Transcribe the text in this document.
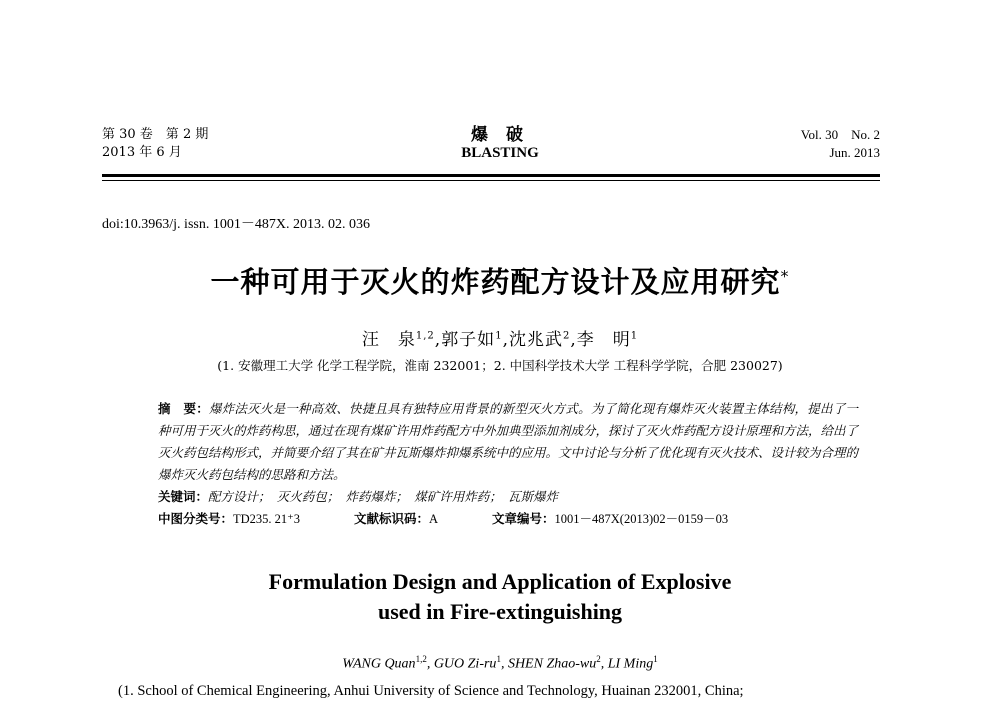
第 30 卷　第 2 期
2013 年 6 月
爆 破
BLASTING
Vol. 30　No. 2
Jun. 2013
doi:10.3963/j. issn. 1001－487X. 2013. 02. 036
一种可用于灭火的炸药配方设计及应用研究*
汪　泉$^{1,2}$,郭子如$^1$,沈兆武$^2$,李　明$^1$
(1. 安徽理工大学 化学工程学院，淮南 232001；2. 中国科学技术大学 工程科学学院，合肥 230027)
摘　要：爆炸法灭火是一种高效、快捷且具有独特应用背景的新型灭火方式。为了简化现有爆炸灭火装置主体结构，提出了一种可用于灭火的炸药构思，通过在现有煤矿许用炸药配方中外加典型添加剂成分，探讨了灭火炸药配方设计原理和方法，给出了灭火药包结构形式，并简要介绍了其在矿井瓦斯爆炸抑爆系统中的应用。文中讨论与分析了优化现有灭火技术、设计较为合理的爆炸灭火药包结构的思路和方法。
关键词：配方设计；　灭火药包；　炸药爆炸；　煤矿许用炸药；　瓦斯爆炸
中图分类号：TD235. 21⁺3	文献标识码：A	文章编号：1001－487X(2013)02－0159－03
Formulation Design and Application of Explosive
used in Fire-extinguishing
WANG Quan$^{1,2}$, GUO $Zi-ru^1$, SHEN Zhao-$wu^2$, LI Ming$^1$
(1. School of Chemical Engineering, Anhui University of Science and Technology, Huainan 232001, China;
